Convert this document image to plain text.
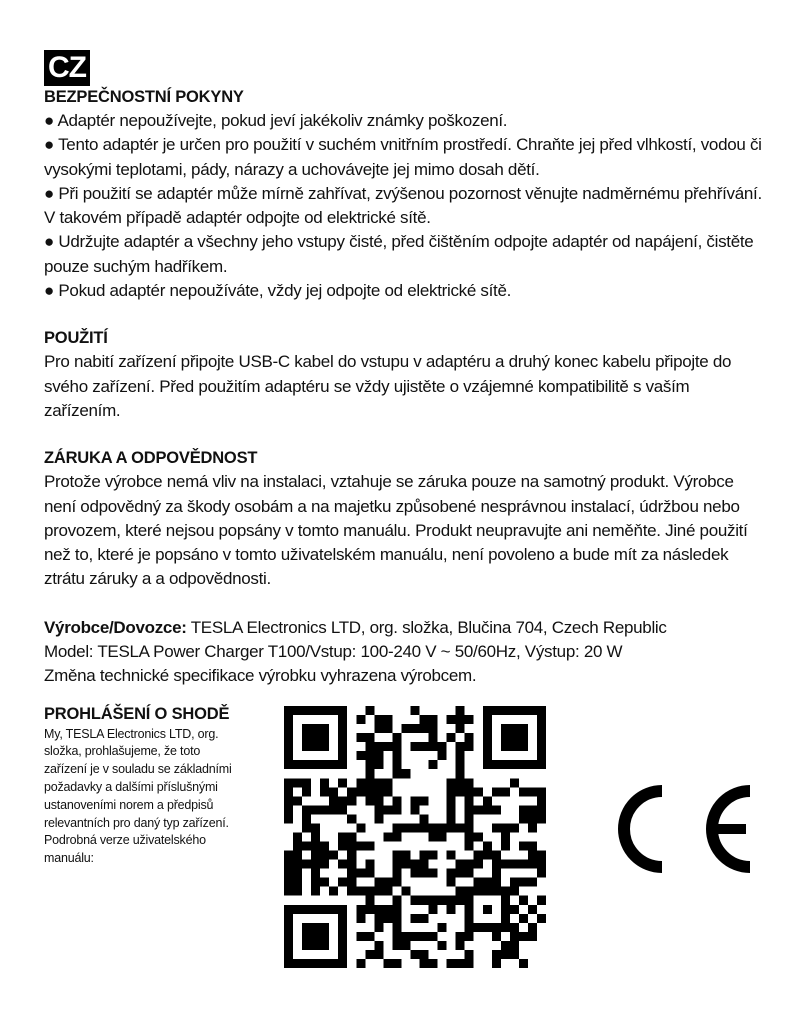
CZ

BEZPEČNOSTNÍ POKYNY

● Adaptér nepoužívejte, pokud jeví jakékoliv známky poškození.

● Tento adaptér je určen pro použití v suchém vnitřním prostředí. Chraňte jej před vlhkostí, vodou či vysokými teplotami, pády, nárazy a uchovávejte jej mimo dosah dětí.

● Při použití se adaptér může mírně zahřívat, zvýšenou pozornost věnujte nadměrnému přehřívání. V takovém případě adaptér odpojte od elektrické sítě.

● Udržujte adaptér a všechny jeho vstupy čisté, před čištěním odpojte adaptér od napájení, čistěte pouze suchým hadříkem.

● Pokud adaptér nepoužíváte, vždy jej odpojte od elektrické sítě.

POUŽITÍ

Pro nabití zařízení připojte USB-C kabel do vstupu v adaptéru a druhý konec kabelu připojte do svého zařízení. Před použitím adaptéru se vždy ujistěte o vzájemné kompatibilitě s vaším zařízením.

ZÁRUKA A ODPOVĚDNOST

Protože výrobce nemá vliv na instalaci, vztahuje se záruka pouze na samotný produkt. Výrobce není odpovědný za škody osobám a na majetku způsobené nesprávnou instalací, údržbou nebo provozem, které nejsou popsány v tomto manuálu. Produkt neupravujte ani neměňte. Jiné použití než to, které je popsáno v tomto uživatelském manuálu, není povoleno a bude mít za následek ztrátu záruky a a odpovědnosti.

Výrobce/Dovozce: TESLA Electronics LTD, org. složka, Blučina 704, Czech Republic

Model: TESLA Power Charger T100/Vstup: 100-240 V ~ 50/60Hz, Výstup: 20 W

Změna technické specifikace výrobku vyhrazena výrobcem.

PROHLÁŠENÍ O SHODĚ

My, TESLA Electronics LTD, org. složka, prohlašujeme, že toto zařízení je v souladu se základními požadavky a dalšími příslušnými ustanoveními norem a předpisů relevantních pro daný typ zařízení.

Podrobná verze uživatelského manuálu:
